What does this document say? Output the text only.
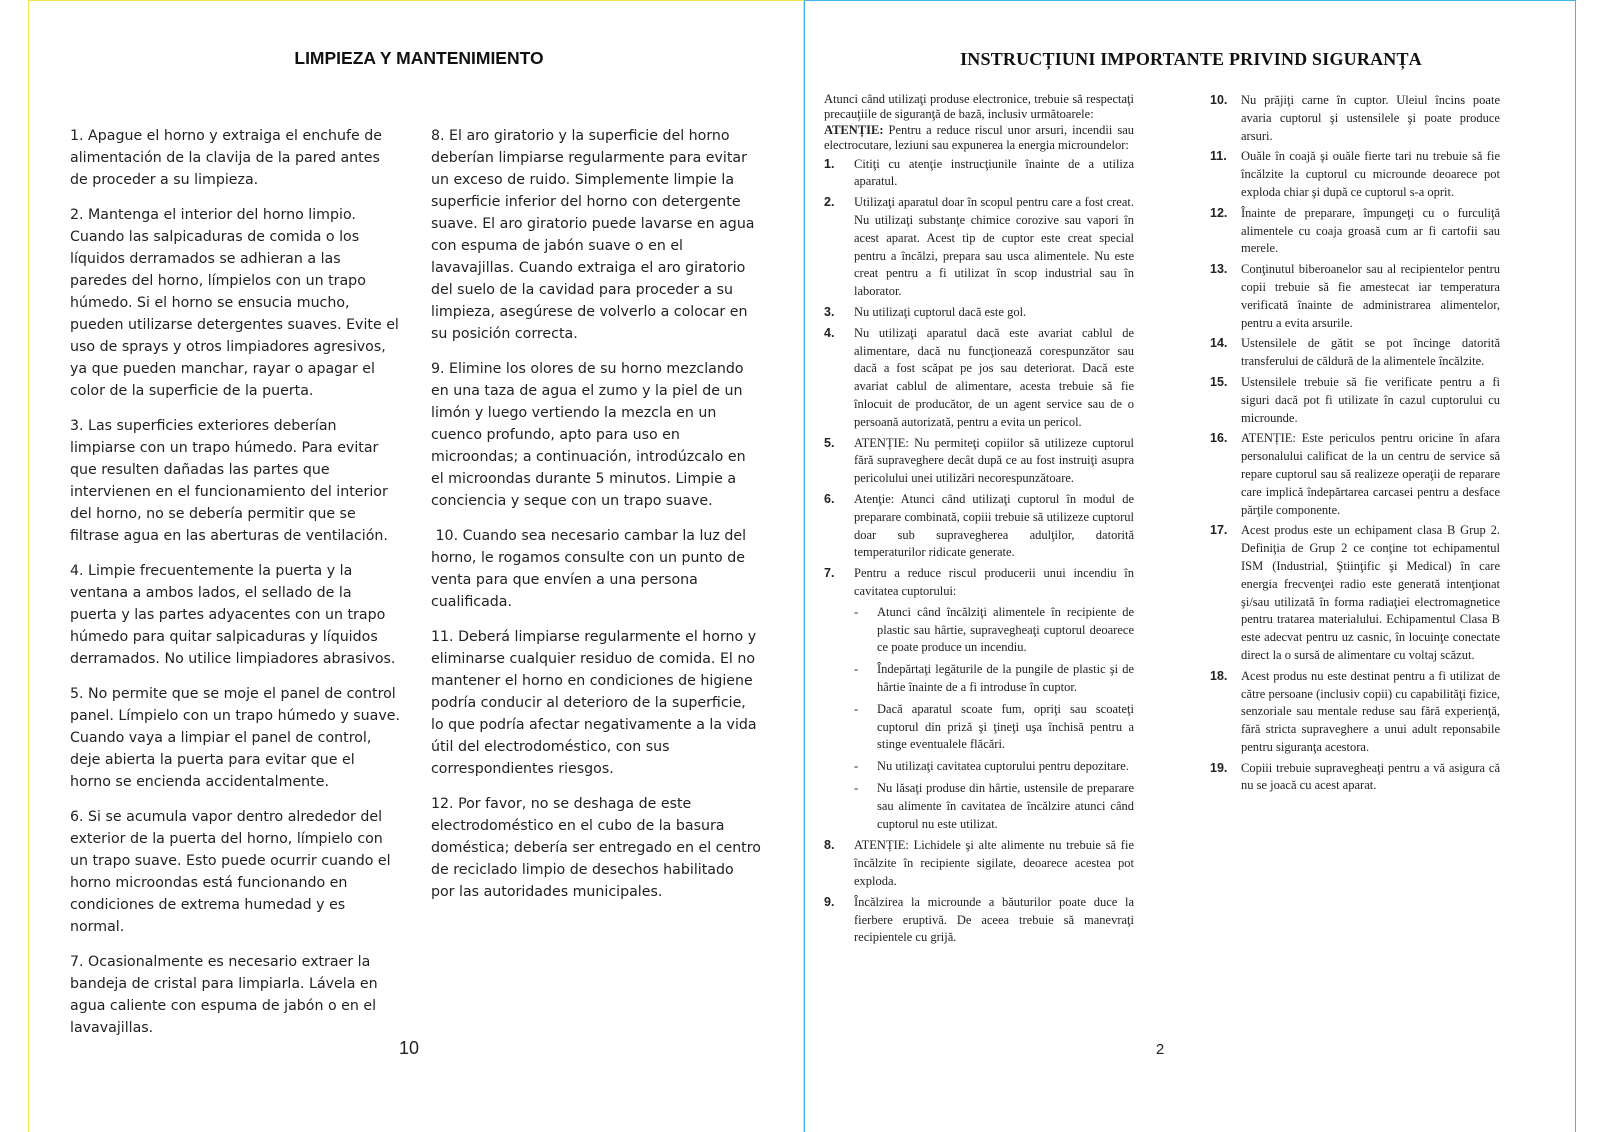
LIMPIEZA Y MANTENIMIENTO

1. Apague el horno y extraiga el enchufe de alimentación de la clavija de la pared antes de proceder a su limpieza.

2. Mantenga el interior del horno limpio. Cuando las salpicaduras de comida o los líquidos derramados se adhieran a las paredes del horno, límpielos con un trapo húmedo. Si el horno se ensucia mucho, pueden utilizarse detergentes suaves. Evite el uso de sprays y otros limpiadores agresivos, ya que pueden manchar, rayar o apagar el color de la superficie de la puerta.

3. Las superficies exteriores deberían limpiarse con un trapo húmedo. Para evitar que resulten dañadas las partes que intervienen en el funcionamiento del interior del horno, no se debería permitir que se filtrase agua en las aberturas de ventilación.

4. Limpie frecuentemente la puerta y la ventana a ambos lados, el sellado de la puerta y las partes adyacentes con un trapo húmedo para quitar salpicaduras y líquidos derramados. No utilice limpiadores abrasivos.

5. No permite que se moje el panel de control panel. Límpielo con un trapo húmedo y suave. Cuando vaya a limpiar el panel de control, deje abierta la puerta para evitar que el horno se encienda accidentalmente.

6. Si se acumula vapor dentro alrededor del exterior de la puerta del horno, límpielo con un trapo suave. Esto puede ocurrir cuando el horno microondas está funcionando en condiciones de extrema humedad y es normal.

7. Ocasionalmente es necesario extraer la bandeja de cristal para limpiarla. Lávela en agua caliente con espuma de jabón o en el lavavajillas.

8. El aro giratorio y la superficie del horno deberían limpiarse regularmente para evitar un exceso de ruido. Simplemente limpie la superficie inferior del horno con detergente suave. El aro giratorio puede lavarse en agua con espuma de jabón suave o en el lavavajillas. Cuando extraiga el aro giratorio del suelo de la cavidad para proceder a su limpieza, asegúrese de volverlo a colocar en su posición correcta.

9. Elimine los olores de su horno mezclando en una taza de agua el zumo y la piel de un limón y luego vertiendo la mezcla en un cuenco profundo, apto para uso en microondas; a continuación, introdúzcalo en el microondas durante 5 minutos. Limpie a conciencia y seque con un trapo suave.

10. Cuando sea necesario cambar la luz del horno, le rogamos consulte con un punto de venta para que envíen a una persona cualificada.

11. Deberá limpiarse regularmente el horno y eliminarse cualquier residuo de comida. El no mantener el horno en condiciones de higiene podría conducir al deterioro de la superficie, lo que podría afectar negativamente a la vida útil del electrodoméstico, con sus correspondientes riesgos.

12. Por favor, no se deshaga de este electrodoméstico en el cubo de la basura doméstica; debería ser entregado en el centro de reciclado limpio de desechos habilitado por las autoridades municipales.

10
INSTRUCȚIUNI IMPORTANTE PRIVIND SIGURANȚA
Atunci când utilizaţi produse electronice, trebuie să respectaţi precauţiile de siguranţă de bază, inclusiv următoarele:
ATENȚIE: Pentru a reduce riscul unor arsuri, incendii sau electrocutare, leziuni sau expunerea la energia microundelor:
1.	Citiţi cu atenţie instrucţiunile înainte de a utiliza aparatul.
2.	Utilizaţi aparatul doar în scopul pentru care a fost creat. Nu utilizaţi substanţe chimice corozive sau vapori în acest aparat. Acest tip de cuptor este creat special pentru a încălzi, prepara sau usca alimentele. Nu este creat pentru a fi utilizat în scop industrial sau în laborator.
3.	Nu utilizaţi cuptorul dacă este gol.
4.	Nu utilizaţi aparatul dacă este avariat cablul de alimentare, dacă nu funcţionează corespunzător sau dacă a fost scăpat pe jos sau deteriorat. Dacă este avariat cablul de alimentare, acesta trebuie să fie înlocuit de producător, de un agent service sau de o persoană autorizată, pentru a evita un pericol.
5.	ATENȚIE: Nu permiteţi copiilor să utilizeze cuptorul fără supraveghere decât după ce au fost instruiţi asupra pericolului unei utilizări necorespunzătoare.
6.	Atenţie: Atunci când utilizaţi cuptorul în modul de preparare combinată, copiii trebuie să utilizeze cuptorul doar sub supravegherea adulţilor, datorită temperaturilor ridicate generate.
7.	Pentru a reduce riscul producerii unui incendiu în cavitatea cuptorului:
-	Atunci când încălziţi alimentele în recipiente de plastic sau hârtie, supravegheaţi cuptorul deoarece ce poate produce un incendiu.
-	Îndepărtaţi legăturile de la pungile de plastic şi de hârtie înainte de a fi introduse în cuptor.
-	Dacă aparatul scoate fum, opriţi sau scoateţi cuptorul din priză şi ţineţi uşa închisă pentru a stinge eventualele flăcări.
-	Nu utilizaţi cavitatea cuptorului pentru depozitare.
-	Nu lăsaţi produse din hârtie, ustensile de preparare sau alimente în cavitatea de încălzire atunci când cuptorul nu este utilizat.
8.	ATENȚIE: Lichidele şi alte alimente nu trebuie să fie încălzite în recipiente sigilate, deoarece acestea pot exploda.
9.	Încălzirea la microunde a băuturilor poate duce la fierbere eruptivă. De aceea trebuie să manevraţi recipientele cu grijă.
10.	Nu prăjiţi carne în cuptor. Uleiul încins poate avaria cuptorul şi ustensilele şi poate produce arsuri.
11.	Ouăle în coajă şi ouăle fierte tari nu trebuie să fie încălzite la cuptorul cu microunde deoarece pot exploda chiar şi după ce cuptorul s-a oprit.
12.	Înainte de preparare, împungeţi cu o furculiţă alimentele cu coaja groasă cum ar fi cartofii sau merele.
13.	Conţinutul biberoanelor sau al recipientelor pentru copii trebuie să fie amestecat iar temperatura verificată înainte de administrarea alimentelor, pentru a evita arsurile.
14.	Ustensilele de gătit se pot încinge datorită transferului de căldură de la alimentele încălzite.
15.	Ustensilele trebuie să fie verificate pentru a fi siguri dacă pot fi utilizate în cazul cuptorului cu microunde.
16.	ATENȚIE: Este periculos pentru oricine în afara personalului calificat de la un centru de service să repare cuptorul sau să realizeze operaţii de reparare care implică îndepărtarea carcasei pentru a desface părţile componente.
17.	Acest produs este un echipament clasa B Grup 2. Definiţia de Grup 2 ce conţine tot echipamentul ISM (Industrial, Ştiinţific şi Medical) în care energia frecvenţei radio este generată intenţionat şi/sau utilizată în forma radiaţiei electromagnetice pentru tratarea materialului. Echipamentul Clasa B este adecvat pentru uz casnic, în locuinţe conectate direct la o sursă de alimentare cu voltaj scăzut.
18.	Acest produs nu este destinat pentru a fi utilizat de către persoane (inclusiv copii) cu capabilităţi fizice, senzoriale sau mentale reduse sau fără experienţă, fără stricta supraveghere a unui adult reponsabile pentru siguranţa acestora.
19.	Copiii trebuie supravegheaţi pentru a vă asigura că nu se joacă cu acest aparat.
2
